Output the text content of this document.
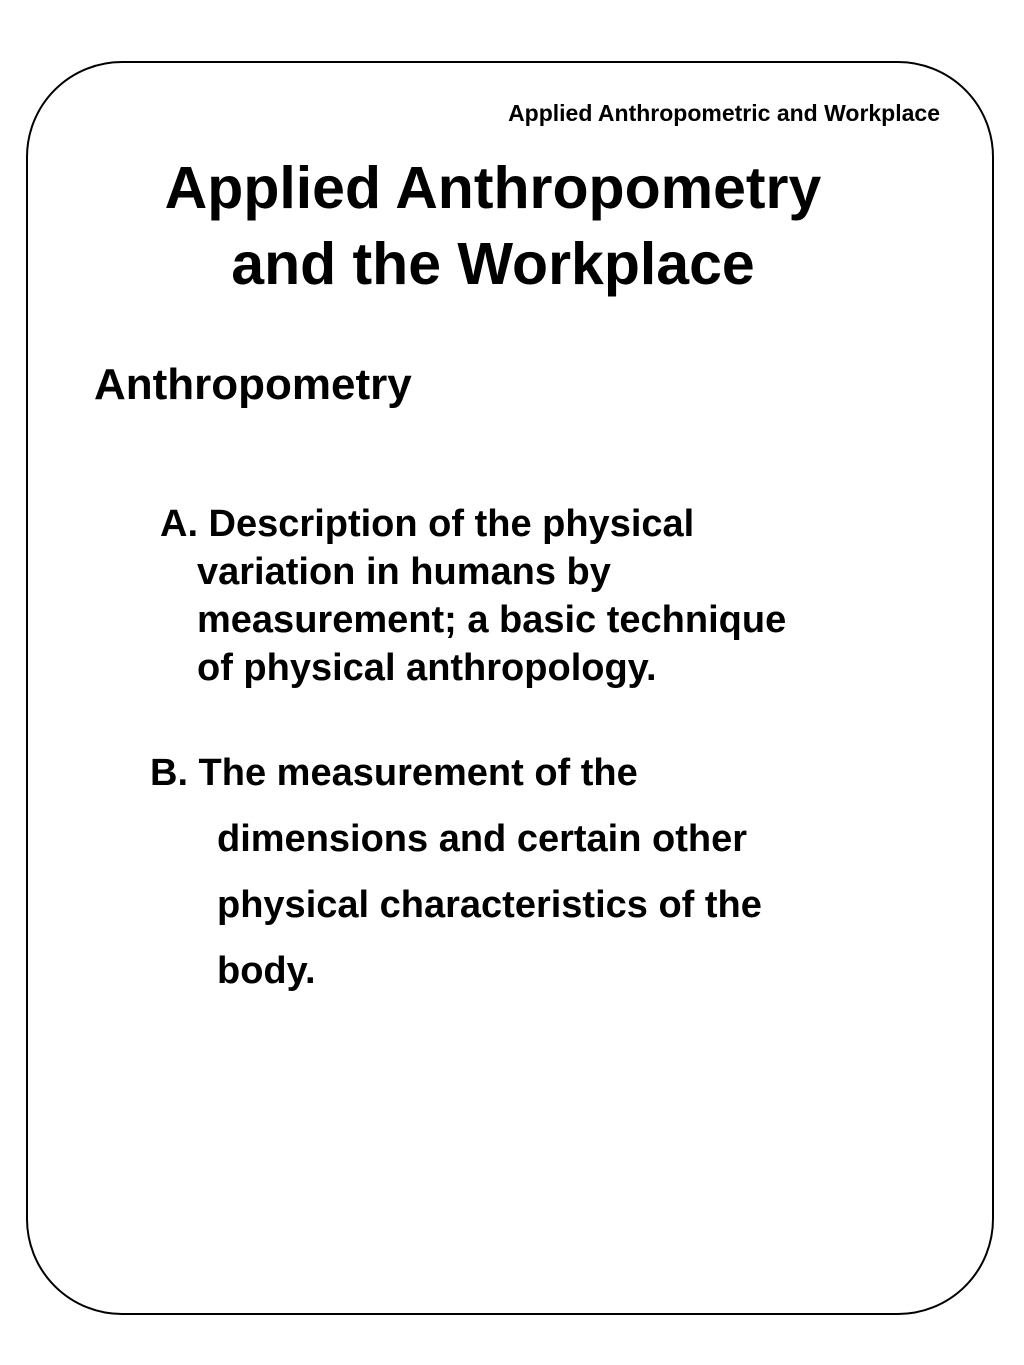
Applied Anthropometric and Workplace
Applied Anthropometry
and the Workplace
Anthropometry
A. Description of the physical
variation in humans by
measurement; a basic technique
of physical anthropology.
B. The measurement of the
dimensions and certain other
physical characteristics of the
body.
